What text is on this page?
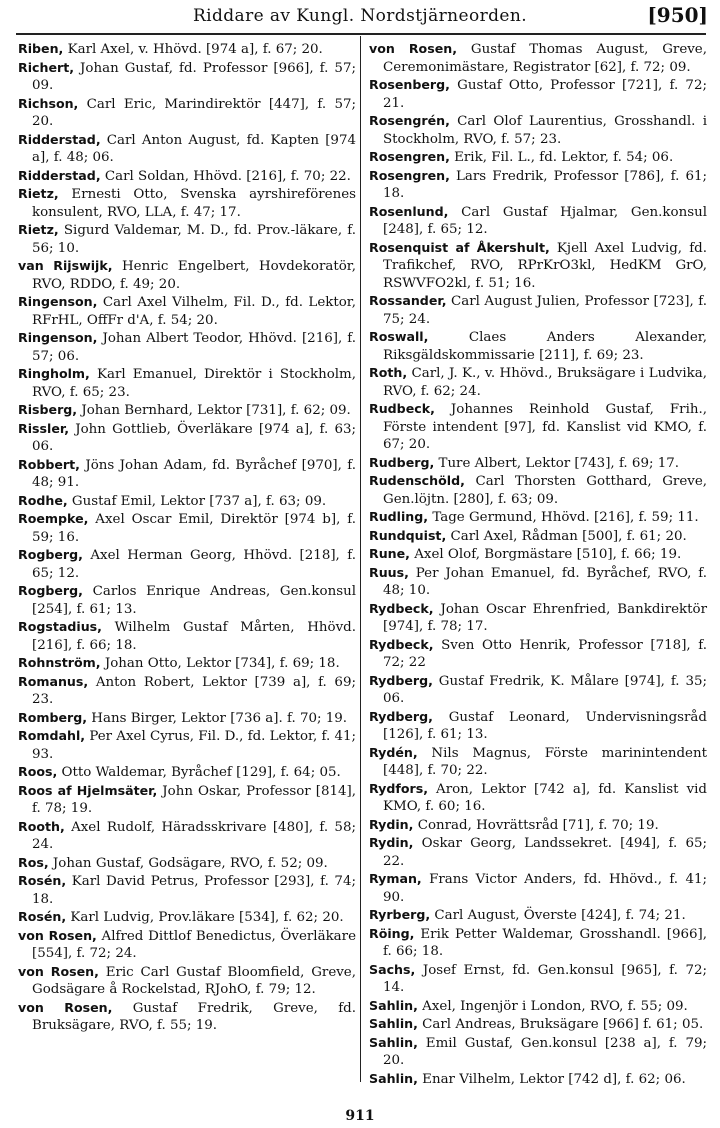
Riddare av Kungl. Nordstjärneorden.	[950]

Riben, Karl Axel, v. Hhövd. [974 a], f. 67; 20.

Richert, Johan Gustaf, fd. Professor [966], f. 57; 09.

Richson, Carl Eric, Marindirektör [447], f. 57; 20.

Ridderstad, Carl Anton August, fd. Kapten [974 a], f. 48; 06.

Ridderstad, Carl Soldan, Hhövd. [216], f. 70; 22.

Rietz, Ernesti Otto, Svenska ayrshireförenes konsulent, RVO, LLA, f. 47; 17.

Rietz, Sigurd Valdemar, M. D., fd. Prov.-läkare, f. 56; 10.

van Rijswijk, Henric Engelbert, Hovdekoratör, RVO, RDDO, f. 49; 20.

Ringenson, Carl Axel Vilhelm, Fil. D., fd. Lektor, RFrHL, OffFr d'A, f. 54; 20.

Ringenson, Johan Albert Teodor, Hhövd. [216], f. 57; 06.

Ringholm, Karl Emanuel, Direktör i Stockholm, RVO, f. 65; 23.

Risberg, Johan Bernhard, Lektor [731], f. 62; 09.

Rissler, John Gottlieb, Överläkare [974 a], f. 63; 06.

Robbert, Jöns Johan Adam, fd. Byråchef [970], f. 48; 91.

Rodhe, Gustaf Emil, Lektor [737 a], f. 63; 09.

Roempke, Axel Oscar Emil, Direktör [974 b], f. 59; 16.

Rogberg, Axel Herman Georg, Hhövd. [218], f. 65; 12.

Rogberg, Carlos Enrique Andreas, Gen.konsul [254], f. 61; 13.

Rogstadius, Wilhelm Gustaf Mårten, Hhövd. [216], f. 66; 18.

Rohnström, Johan Otto, Lektor [734], f. 69; 18.

Romanus, Anton Robert, Lektor [739 a], f. 69; 23.

Romberg, Hans Birger, Lektor [736 a]. f. 70; 19.

Romdahl, Per Axel Cyrus, Fil. D., fd. Lektor, f. 41; 93.

Roos, Otto Waldemar, Byråchef [129], f. 64; 05.

Roos af Hjelmsäter, John Oskar, Professor [814], f. 78; 19.

Rooth, Axel Rudolf, Häradsskrivare [480], f. 58; 24.

Ros, Johan Gustaf, Godsägare, RVO, f. 52; 09.

Rosén, Karl David Petrus, Professor [293], f. 74; 18.

Rosén, Karl Ludvig, Prov.läkare [534], f. 62; 20.

von Rosen, Alfred Dittlof Benedictus, Överläkare [554], f. 72; 24.

von Rosen, Eric Carl Gustaf Bloomfield, Greve, Godsägare å Rockelstad, RJohO, f. 79; 12.

von Rosen, Gustaf Fredrik, Greve, fd. Bruksägare, RVO, f. 55; 19.

von Rosen, Gustaf Thomas August, Greve, Ceremonimästare, Registrator [62], f. 72; 09.

Rosenberg, Gustaf Otto, Professor [721], f. 72; 21.

Rosengrén, Carl Olof Laurentius, Grosshandl. i Stockholm, RVO, f. 57; 23.

Rosengren, Erik, Fil. L., fd. Lektor, f. 54; 06.

Rosengren, Lars Fredrik, Professor [786], f. 61; 18.

Rosenlund, Carl Gustaf Hjalmar, Gen.konsul [248], f. 65; 12.

Rosenquist af Åkershult, Kjell Axel Ludvig, fd. Trafikchef, RVO, RPrKrO3kl, HedKM GrO, RSWVFO2kl, f. 51; 16.

Rossander, Carl August Julien, Professor [723], f. 75; 24.

Roswall, Claes Anders Alexander, Riksgäldskommissarie [211], f. 69; 23.

Roth, Carl, J. K., v. Hhövd., Bruksägare i Ludvika, RVO, f. 62; 24.

Rudbeck, Johannes Reinhold Gustaf, Frih., Förste intendent [97], fd. Kanslist vid KMO, f. 67; 20.

Rudberg, Ture Albert, Lektor [743], f. 69; 17.

Rudenschöld, Carl Thorsten Gotthard, Greve, Gen.löjtn. [280], f. 63; 09.

Rudling, Tage Germund, Hhövd. [216], f. 59; 11.

Rundquist, Carl Axel, Rådman [500], f. 61; 20.

Rune, Axel Olof, Borgmästare [510], f. 66; 19.

Ruus, Per Johan Emanuel, fd. Byråchef, RVO, f. 48; 10.

Rydbeck, Johan Oscar Ehrenfried, Bankdirektör [974], f. 78; 17.

Rydbeck, Sven Otto Henrik, Professor [718], f. 72; 22

Rydberg, Gustaf Fredrik, K. Målare [974], f. 35; 06.

Rydberg, Gustaf Leonard, Undervisningsråd [126], f. 61; 13.

Rydén, Nils Magnus, Förste marinintendent [448], f. 70; 22.

Rydfors, Aron, Lektor [742 a], fd. Kanslist vid KMO, f. 60; 16.

Rydin, Conrad, Hovrättsråd [71], f. 70; 19.

Rydin, Oskar Georg, Landssekret. [494], f. 65; 22.

Ryman, Frans Victor Anders, fd. Hhövd., f. 41; 90.

Ryrberg, Carl August, Överste [424], f. 74; 21.

Röing, Erik Petter Waldemar, Grosshandl. [966], f. 66; 18.

Sachs, Josef Ernst, fd. Gen.konsul [965], f. 72; 14.

Sahlin, Axel, Ingenjör i London, RVO, f. 55; 09.

Sahlin, Carl Andreas, Bruksägare [966] f. 61; 05.

Sahlin, Emil Gustaf, Gen.konsul [238 a], f. 79; 20.

Sahlin, Enar Vilhelm, Lektor [742 d], f. 62; 06.

911
